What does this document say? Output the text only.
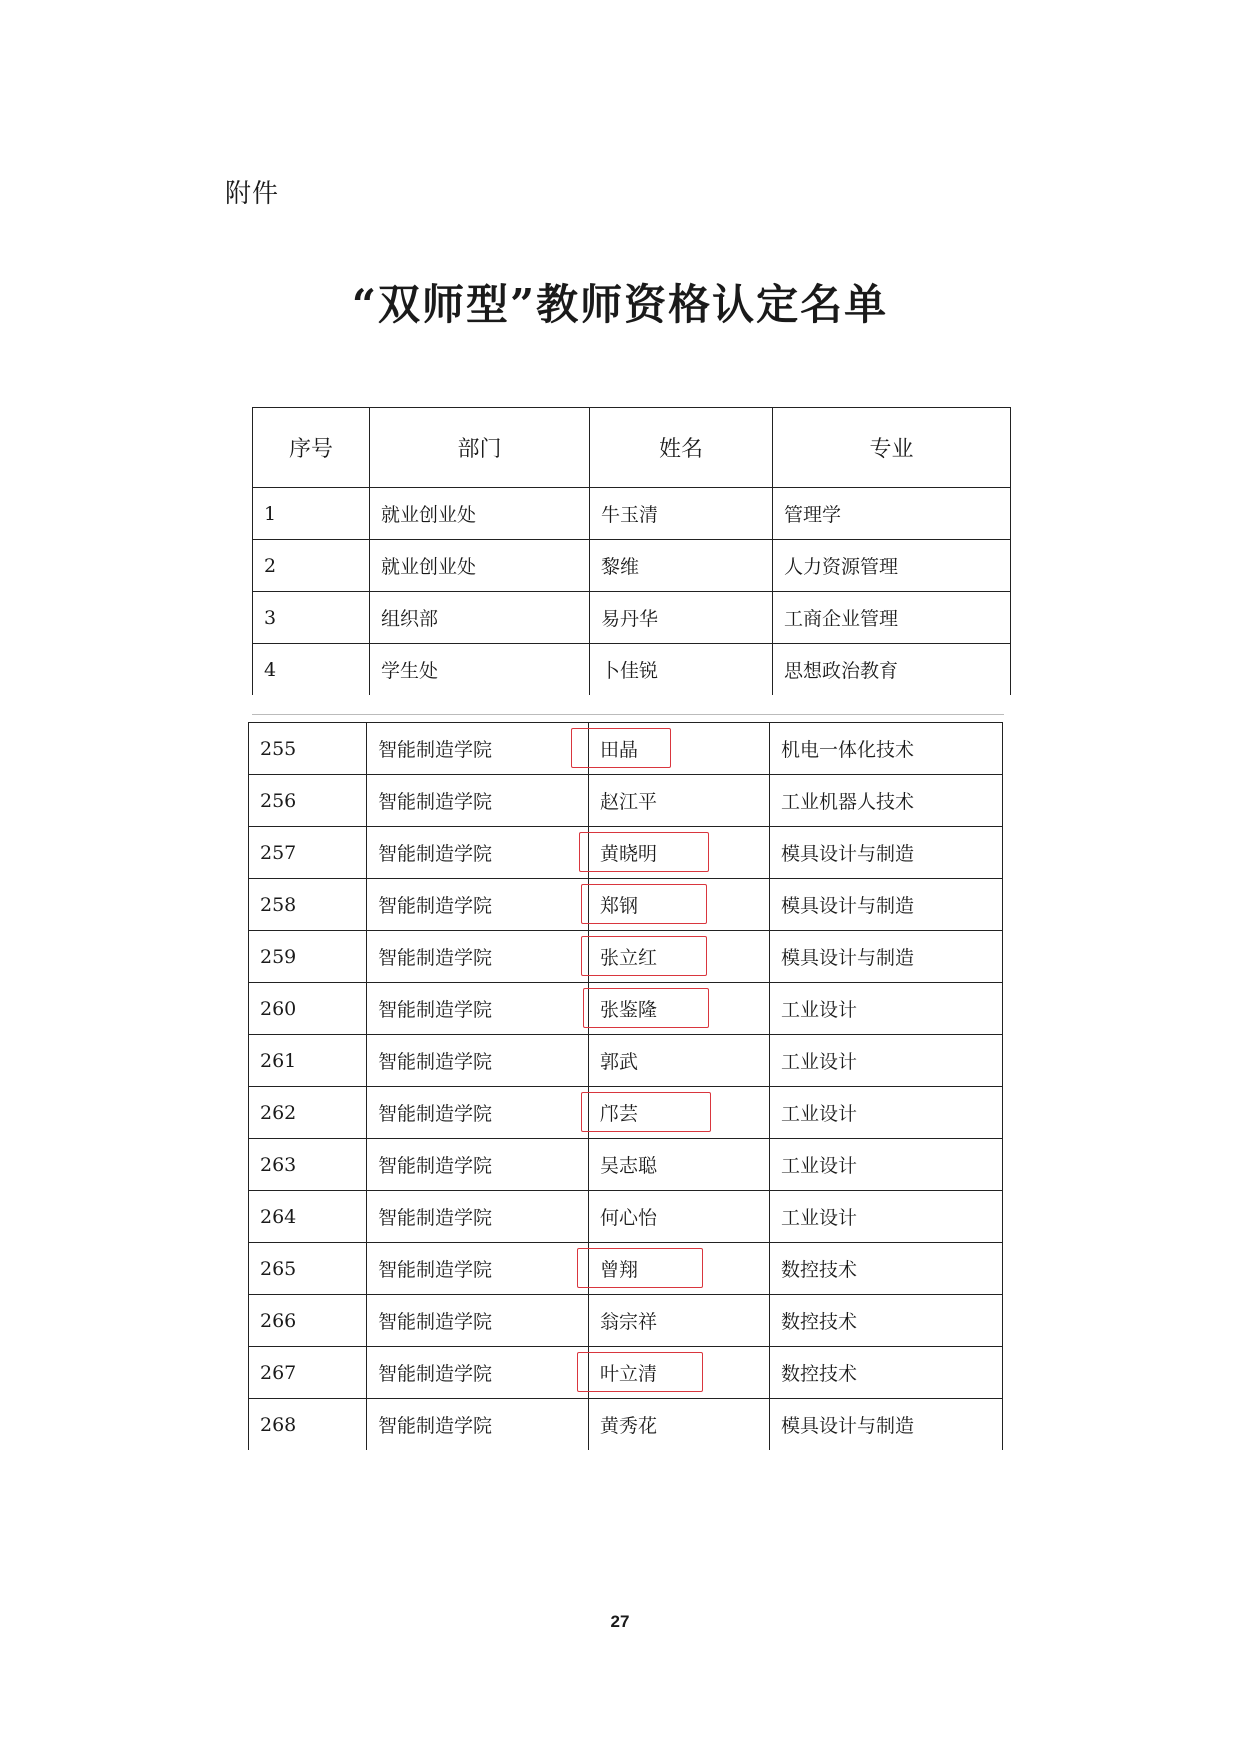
附件
“双师型”教师资格认定名单
序号	部门	姓名	专业
1	就业创业处	牛玉清	管理学
2	就业创业处	黎维	人力资源管理
3	组织部	易丹华	工商企业管理
4	学生处	卜佳锐	思想政治教育
255	智能制造学院	田晶	机电一体化技术
256	智能制造学院	赵江平	工业机器人技术
257	智能制造学院	黄晓明	模具设计与制造
258	智能制造学院	郑钢	模具设计与制造
259	智能制造学院	张立红	模具设计与制造
260	智能制造学院	张鉴隆	工业设计
261	智能制造学院	郭武	工业设计
262	智能制造学院	邝芸	工业设计
263	智能制造学院	吴志聪	工业设计
264	智能制造学院	何心怡	工业设计
265	智能制造学院	曾翔	数控技术
266	智能制造学院	翁宗祥	数控技术
267	智能制造学院	叶立清	数控技术
268	智能制造学院	黄秀花	模具设计与制造
27
